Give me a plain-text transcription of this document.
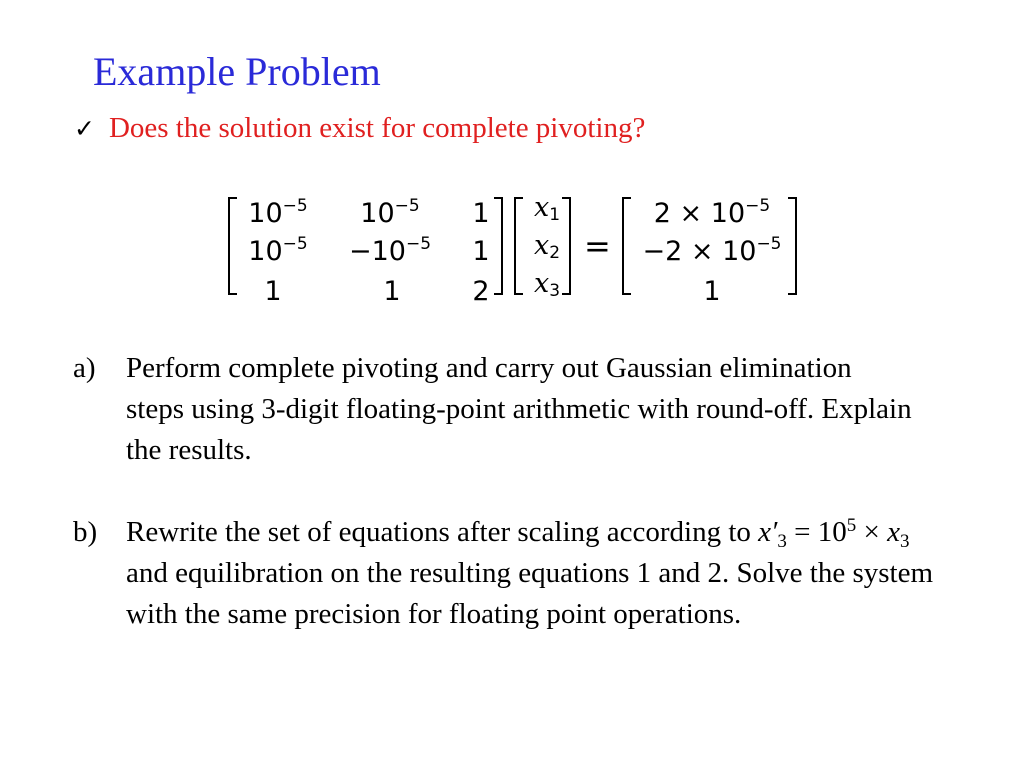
Example Problem
✓ Does the solution exist for complete pivoting?
$10^{-5}$	$10^{-5}$	1
$10^{-5}$	$-10^{-5}$	1
1	1	2
$x_1$
$x_2$
$x_3$
=
$2 \times 10^{-5}$
$-2 \times 10^{-5}$
1
a)	Perform complete pivoting and carry out Gaussian elimination steps using 3-digit floating-point arithmetic with round-off. Explain the results.
b) Rewrite the set of equations after scaling according to $x'_3 = 10^5 \times x_3$ and equilibration on the resulting equations 1 and 2. Solve the system with the same precision for floating point operations.
